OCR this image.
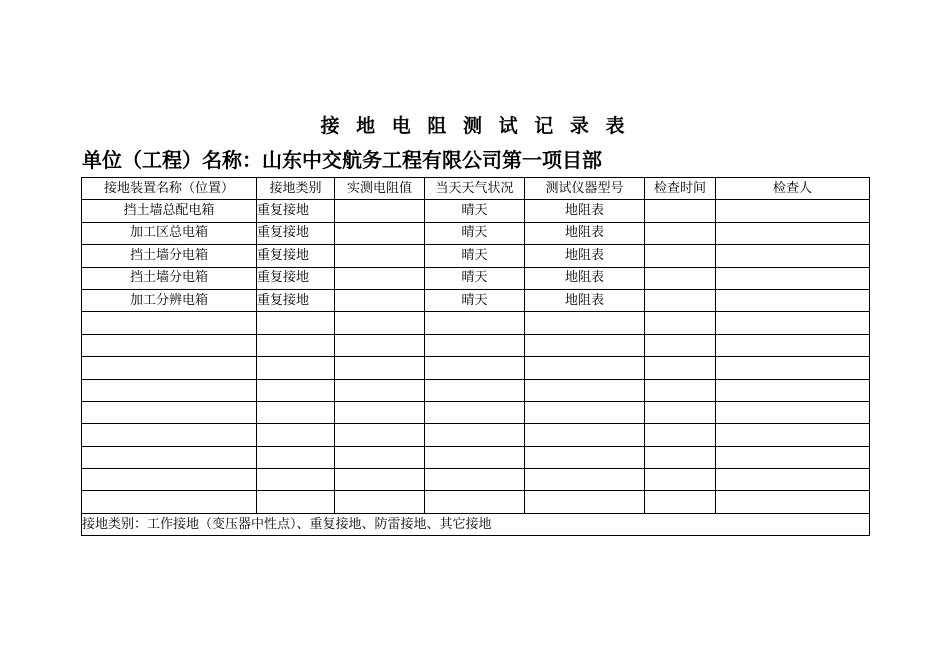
接 地 电 阻 测 试 记 录 表
单位（工程）名称：山东中交航务工程有限公司第一项目部
接地装置名称（位置）	接地类别	实测电阻值	当天天气状况	测试仪器型号	检查时间	检查人
挡土墙总配电箱	重复接地		晴天	地阻表		
加工区总电箱	重复接地		晴天	地阻表		
挡土墙分电箱	重复接地		晴天	地阻表		
挡土墙分电箱	重复接地		晴天	地阻表		
加工分辨电箱	重复接地		晴天	地阻表		

接地类别：工作接地（变压器中性点）、重复接地、防雷接地、其它接地						
